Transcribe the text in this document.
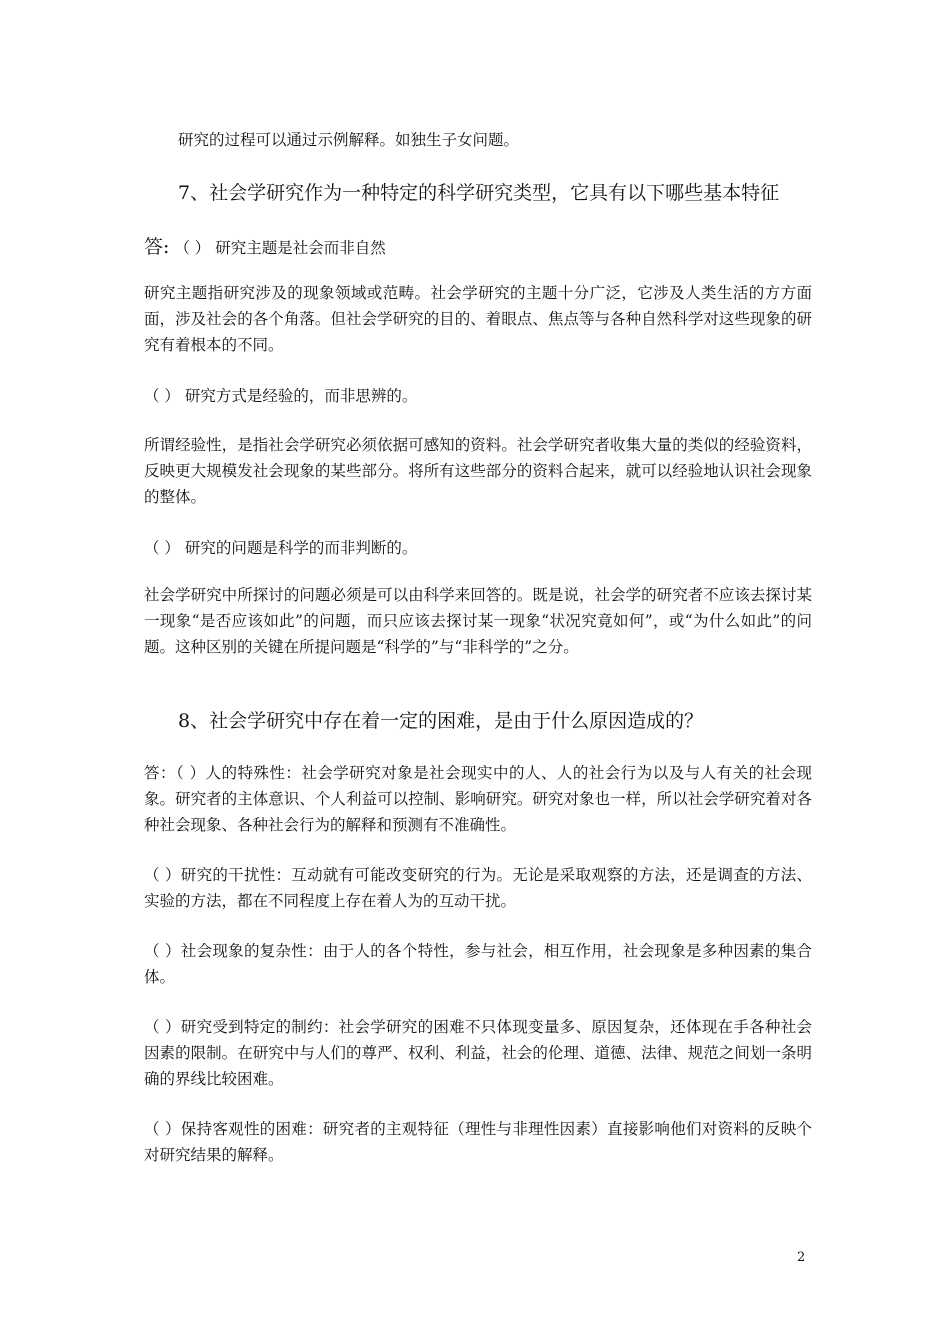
研究的过程可以通过示例解释。如独生子女问题。
7、社会学研究作为一种特定的科学研究类型，它具有以下哪些基本特征
答: （ ） 研究主题是社会而非自然
研究主题指研究涉及的现象领域或范畴。社会学研究的主题十分广泛，它涉及人类生活的方方面面，涉及社会的各个角落。但社会学研究的目的、着眼点、焦点等与各种自然科学对这些现象的研究有着根本的不同。
（ ） 研究方式是经验的，而非思辨的。
所谓经验性，是指社会学研究必须依据可感知的资料。社会学研究者收集大量的类似的经验资料，反映更大规模发社会现象的某些部分。将所有这些部分的资料合起来，就可以经验地认识社会现象的整体。
（ ） 研究的问题是科学的而非判断的。
社会学研究中所探讨的问题必须是可以由科学来回答的。既是说，社会学的研究者不应该去探讨某一现象“是否应该如此”的问题，而只应该去探讨某一现象“状况究竟如何”，或“为什么如此”的问题。这种区别的关键在所提问题是“科学的”与“非科学的”之分。
8、社会学研究中存在着一定的困难，是由于什么原因造成的？
答：（ ）人的特殊性：社会学研究对象是社会现实中的人、人的社会行为以及与人有关的社会现象。研究者的主体意识、个人利益可以控制、影响研究。研究对象也一样，所以社会学研究着对各种社会现象、各种社会行为的解释和预测有不准确性。
（ ）研究的干扰性：互动就有可能改变研究的行为。无论是采取观察的方法，还是调查的方法、实验的方法，都在不同程度上存在着人为的互动干扰。
（ ）社会现象的复杂性：由于人的各个特性，参与社会，相互作用，社会现象是多种因素的集合体。
（ ）研究受到特定的制约：社会学研究的困难不只体现变量多、原因复杂，还体现在手各种社会因素的限制。在研究中与人们的尊严、权利、利益，社会的伦理、道德、法律、规范之间划一条明确的界线比较困难。
（ ）保持客观性的困难：研究者的主观特征（理性与非理性因素）直接影响他们对资料的反映个对研究结果的解释。
2
